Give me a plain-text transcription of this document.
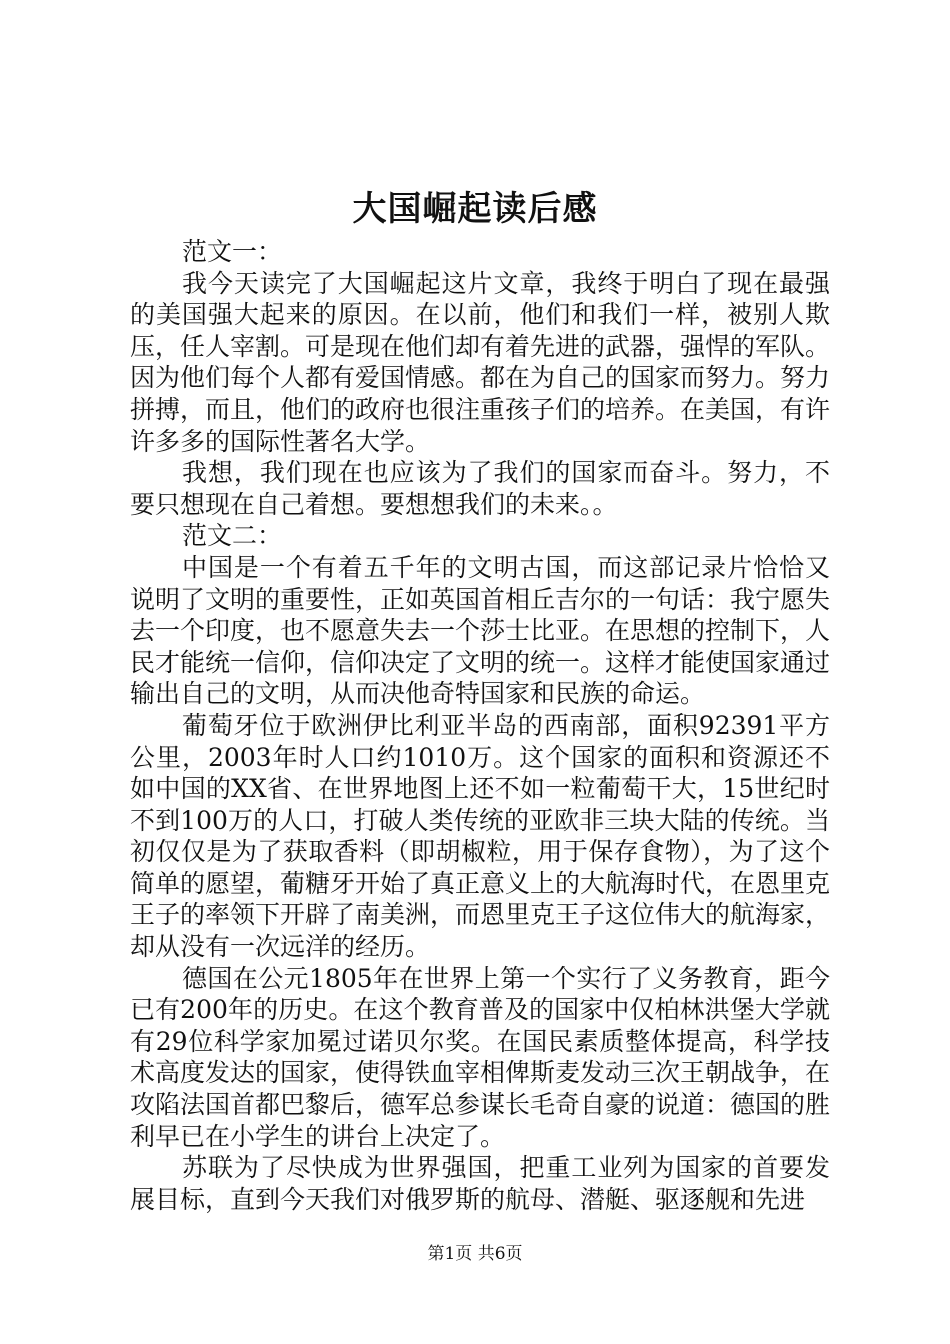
大国崛起读后感

范文一：

我今天读完了大国崛起这片文章，我终于明白了现在最强的美国强大起来的原因。在以前，他们和我们一样，被别人欺压，任人宰割。可是现在他们却有着先进的武器，强悍的军队。因为他们每个人都有爱国情感。都在为自己的国家而努力。努力拼搏，而且，他们的政府也很注重孩子们的培养。在美国，有许许多多的国际性著名大学。

我想，我们现在也应该为了我们的国家而奋斗。努力，不要只想现在自己着想。要想想我们的未来。。

范文二：

中国是一个有着五千年的文明古国，而这部记录片恰恰又说明了文明的重要性，正如英国首相丘吉尔的一句话：我宁愿失去一个印度，也不愿意失去一个莎士比亚。在思想的控制下，人民才能统一信仰，信仰决定了文明的统一。这样才能使国家通过输出自己的文明，从而决他奇特国家和民族的命运。

葡萄牙位于欧洲伊比利亚半岛的西南部，面积92391平方公里，2003年时人口约1010万。这个国家的面积和资源还不如中国的XX省、在世界地图上还不如一粒葡萄干大，15世纪时不到100万的人口，打破人类传统的亚欧非三块大陆的传统。当初仅仅是为了获取香料（即胡椒粒，用于保存食物），为了这个简单的愿望，葡糖牙开始了真正意义上的大航海时代，在恩里克王子的率领下开辟了南美洲，而恩里克王子这位伟大的航海家，却从没有一次远洋的经历。

德国在公元1805年在世界上第一个实行了义务教育，距今已有200年的历史。在这个教育普及的国家中仅柏林洪堡大学就有29位科学家加冕过诺贝尔奖。在国民素质整体提高，科学技术高度发达的国家，使得铁血宰相俾斯麦发动三次王朝战争，在攻陷法国首都巴黎后，德军总参谋长毛奇自豪的说道：德国的胜利早已在小学生的讲台上决定了。

苏联为了尽快成为世界强国，把重工业列为国家的首要发展目标，直到今天我们对俄罗斯的航母、潜艇、驱逐舰和先进

第1页 共6页
